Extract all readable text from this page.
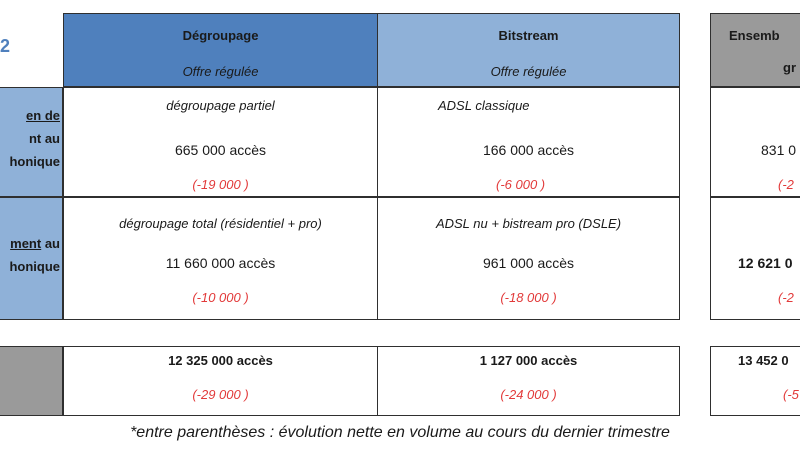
2
Dégroupage
Offre régulée
Bitstream
Offre régulée
Ensemb
gr
en de
nt au
honique
dégroupage partiel
665 000 accès
(-19 000 )
ADSL classique
166 000 accès
(-6 000 )
831 0
(-2
ment au
honique
dégroupage total (résidentiel + pro)
11 660 000 accès
(-10 000 )
ADSL nu + bistream pro (DSLE)
961 000 accès
(-18 000 )
12 621 0
(-2
12 325 000 accès
(-29 000 )
1 127 000 accès
(-24 000 )
13 452 0
(-5
*entre parenthèses : évolution nette en volume au cours du dernier trimestre
